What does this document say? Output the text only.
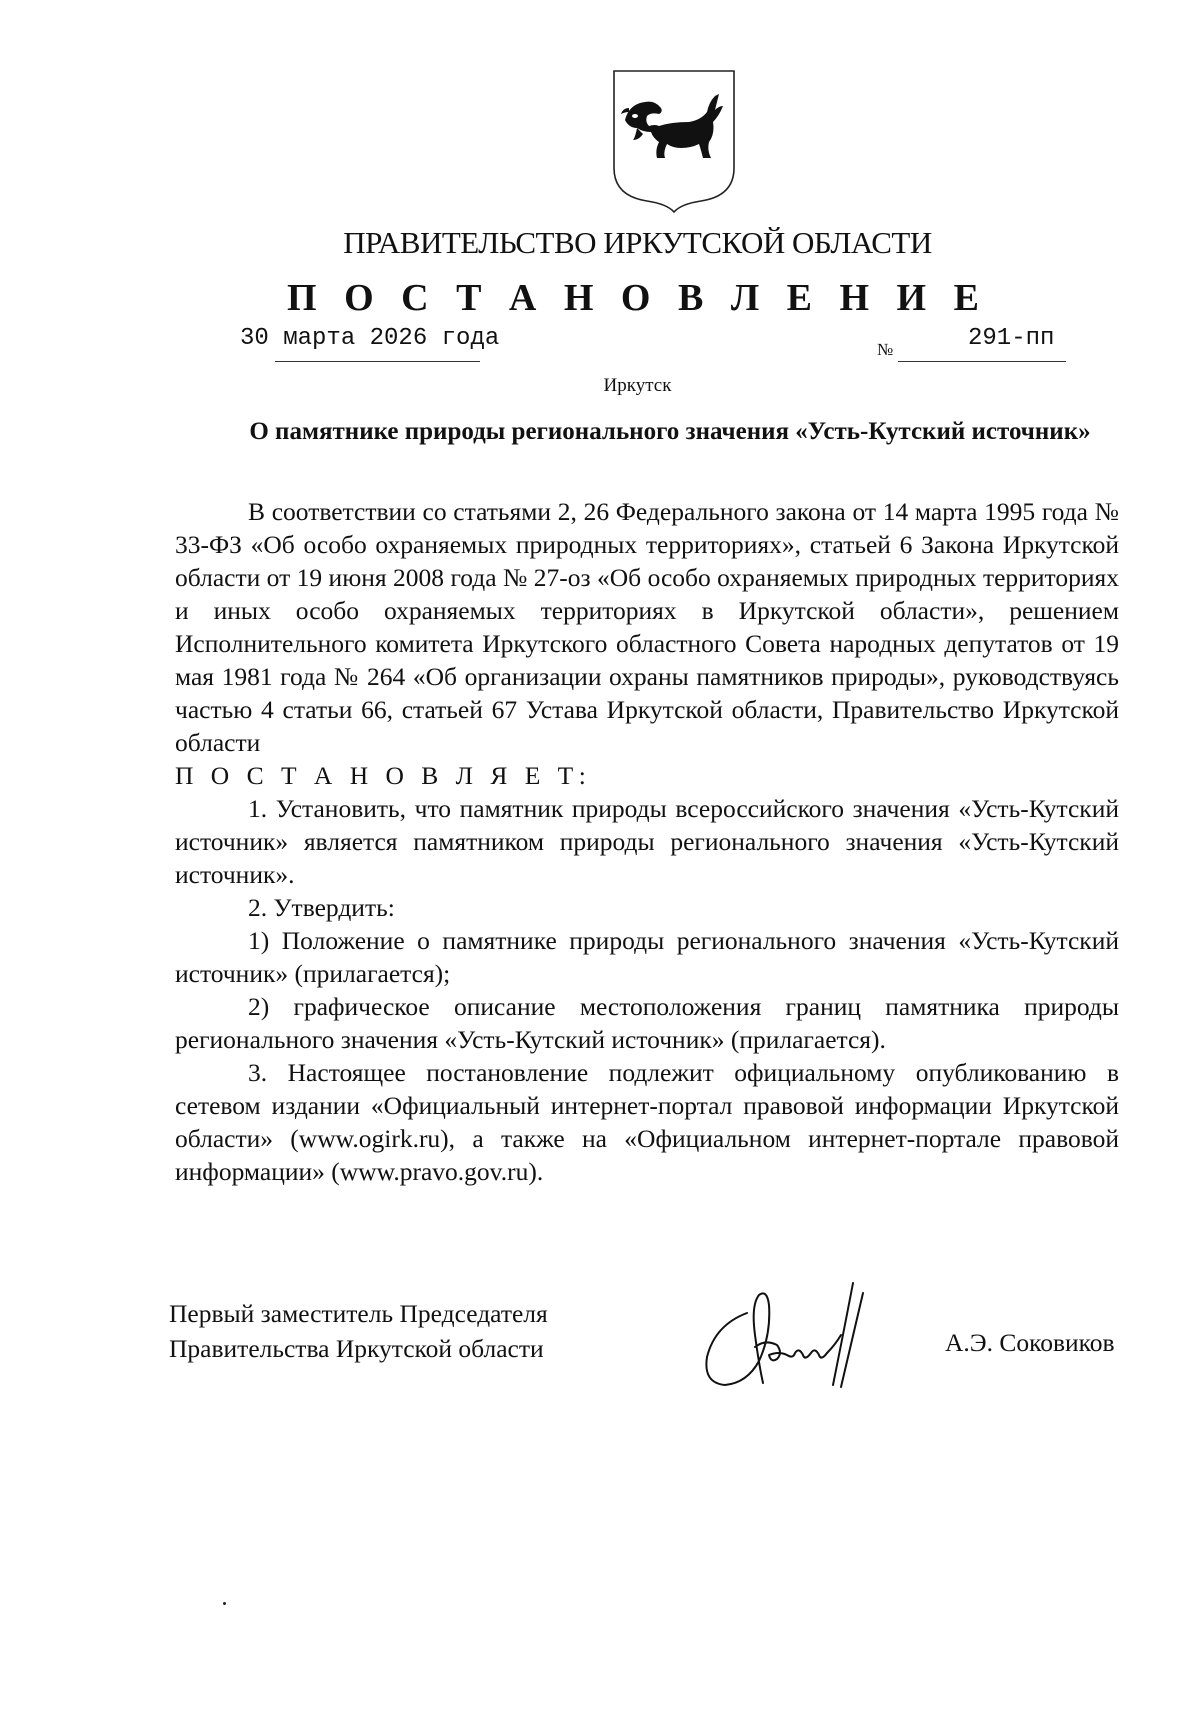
ПРАВИТЕЛЬСТВО ИРКУТСКОЙ ОБЛАСТИ
П О С Т А Н О В Л Е Н И Е
30 марта 2026 года	№	291-пп
Иркутск
О памятнике природы регионального значения «Усть-Кутский источник»

В соответствии со статьями 2, 26 Федерального закона от 14 марта 1995 года № 33-ФЗ «Об особо охраняемых природных территориях», статьей 6 Закона Иркутской области от 19 июня 2008 года № 27-оз «Об особо охраняемых природных территориях и иных особо охраняемых территориях в Иркутской области», решением Исполнительного комитета Иркутского областного Совета народных депутатов от 19 мая 1981 года № 264 «Об организации охраны памятников природы», руководствуясь частью 4 статьи 66, статьей 67 Устава Иркутской области, Правительство Иркутской области

П О С Т А Н О В Л Я Е Т:

1. Установить, что памятник природы всероссийского значения «Усть-Кутский источник» является памятником природы регионального значения «Усть-Кутский источник».

2. Утвердить:

1) Положение о памятнике природы регионального значения «Усть-Кутский источник» (прилагается);

2) графическое описание местоположения границ памятника природы регионального значения «Усть-Кутский источник» (прилагается).

3. Настоящее постановление подлежит официальному опубликованию в сетевом издании «Официальный интернет-портал правовой информации Иркутской области» (www.ogirk.ru), а также на «Официальном интернет-портале правовой информации» (www.pravo.gov.ru).

Первый заместитель Председателя
Правительства Иркутской области	А.Э. Соковиков
